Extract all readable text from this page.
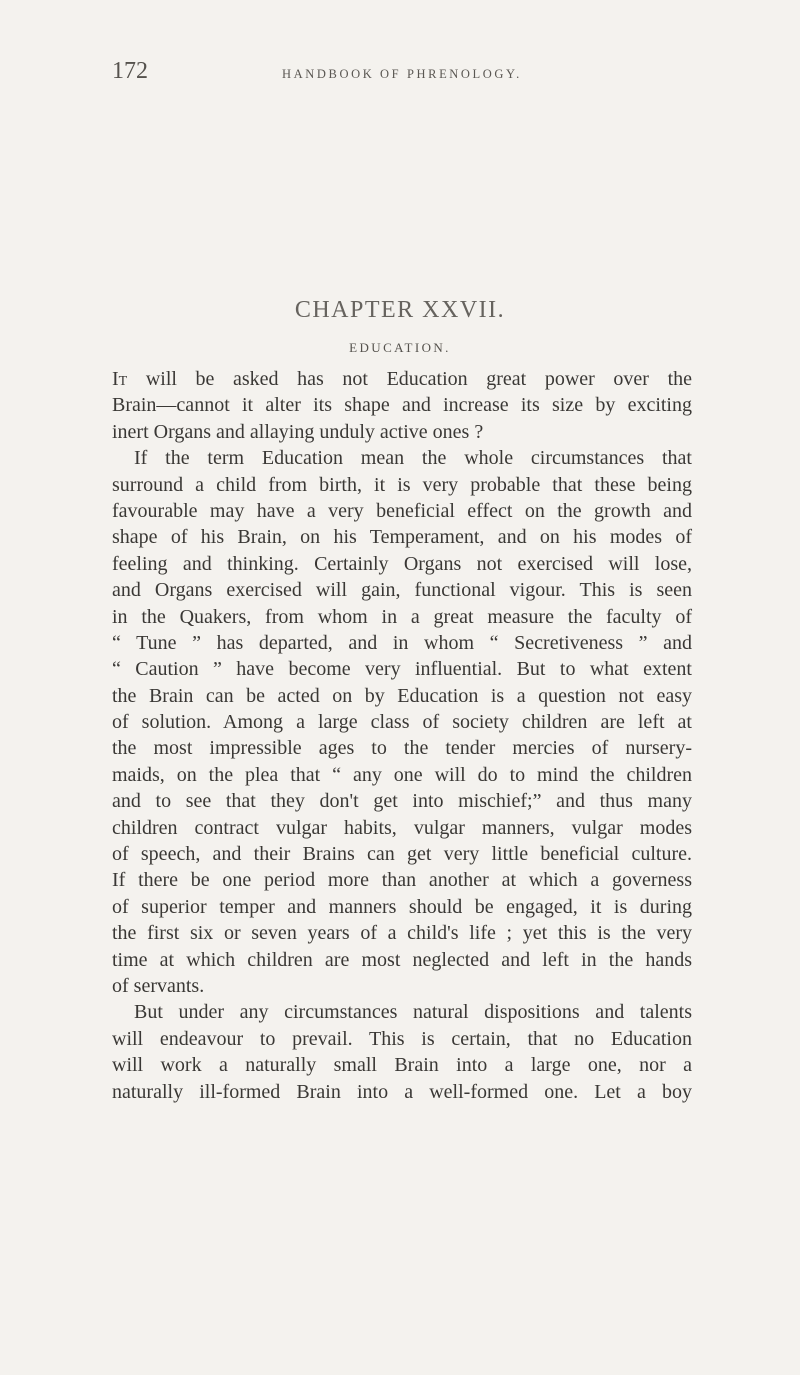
172	HANDBOOK OF PHRENOLOGY.
CHAPTER XXVII.
EDUCATION.
It will be asked has not Education great power over the
Brain—cannot it alter its shape and increase its size by exciting
inert Organs and allaying unduly active ones ?
If the term Education mean the whole circumstances that
surround a child from birth, it is very probable that these being
favourable may have a very beneficial effect on the growth and
shape of his Brain, on his Temperament, and on his modes of
feeling and thinking. Certainly Organs not exercised will lose,
and Organs exercised will gain, functional vigour. This is seen
in the Quakers, from whom in a great measure the faculty of
“ Tune ” has departed, and in whom “ Secretiveness ” and
“ Caution ” have become very influential. But to what extent
the Brain can be acted on by Education is a question not easy
of solution. Among a large class of society children are left at
the most impressible ages to the tender mercies of nursery-
maids, on the plea that “ any one will do to mind the children
and to see that they don't get into mischief;” and thus many
children contract vulgar habits, vulgar manners, vulgar modes
of speech, and their Brains can get very little beneficial culture.
If there be one period more than another at which a governess
of superior temper and manners should be engaged, it is during
the first six or seven years of a child's life ; yet this is the very
time at which children are most neglected and left in the hands
of servants.
But under any circumstances natural dispositions and talents
will endeavour to prevail. This is certain, that no Education
will work a naturally small Brain into a large one, nor a
naturally ill-formed Brain into a well-formed one. Let a boy
